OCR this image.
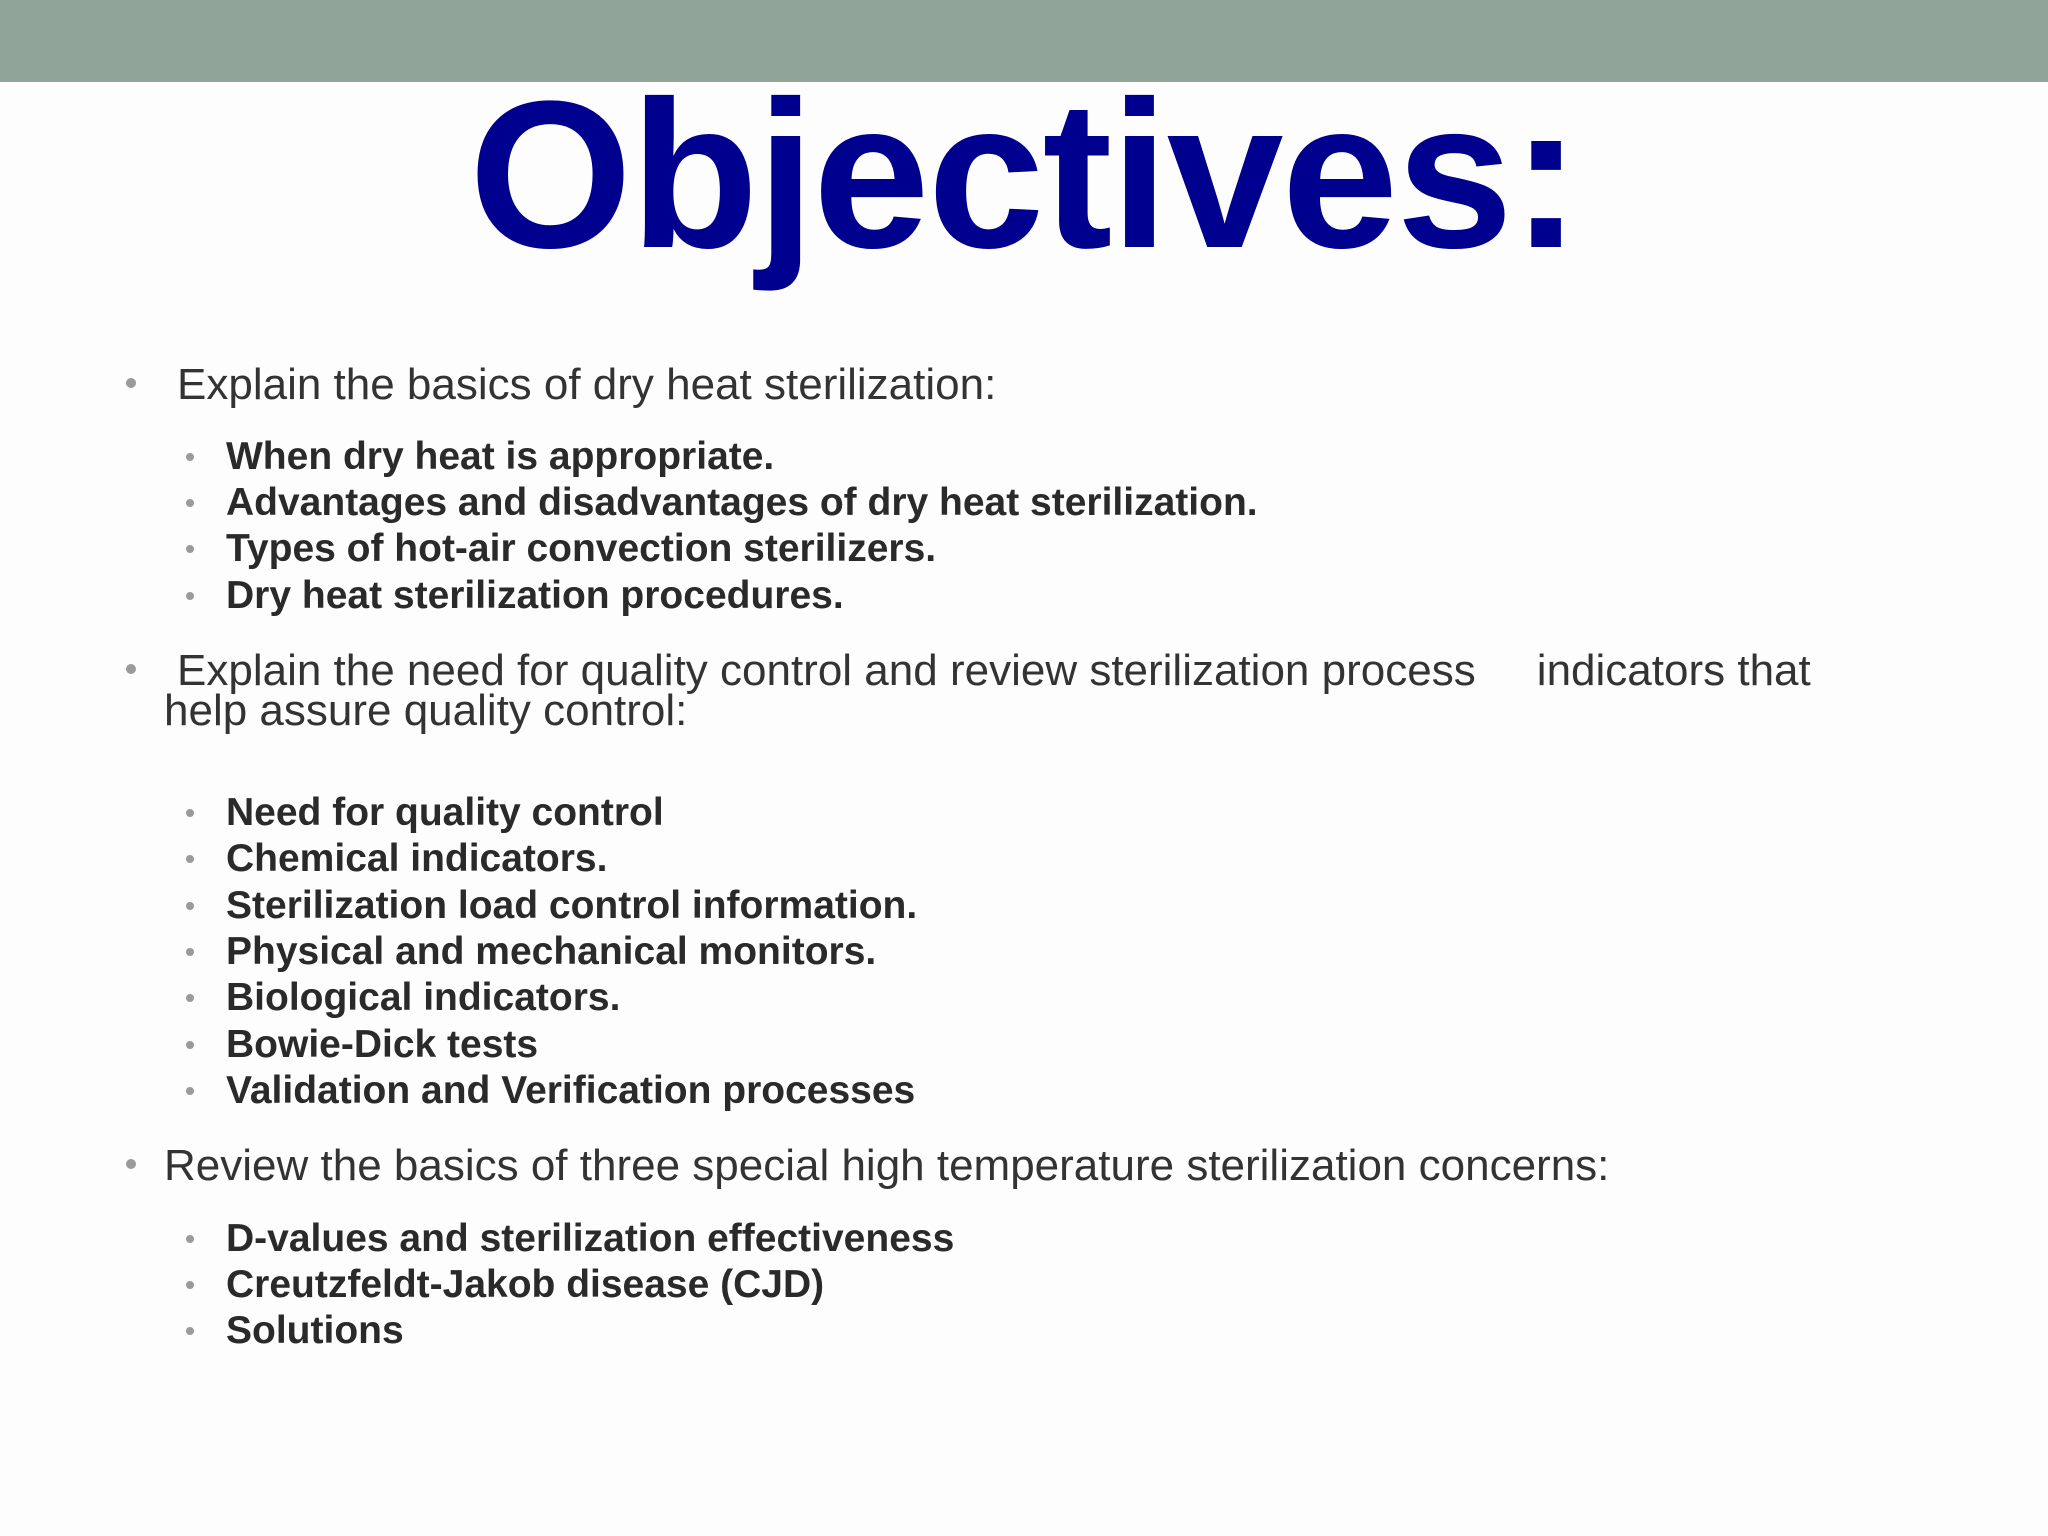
Objectives:
Explain the basics of dry heat sterilization:
When dry heat is appropriate.
Advantages and disadvantages of dry heat sterilization.
Types of hot-air convection sterilizers.
Dry heat sterilization procedures.
Explain the need for quality control and review sterilization process     indicators that
help assure quality control:
Need for quality control
Chemical indicators.
Sterilization load control information.
Physical and mechanical monitors.
Biological indicators.
Bowie-Dick tests
Validation and Verification processes
Review the basics of three special high temperature sterilization concerns:
D-values and sterilization effectiveness
Creutzfeldt-Jakob disease (CJD)
Solutions
